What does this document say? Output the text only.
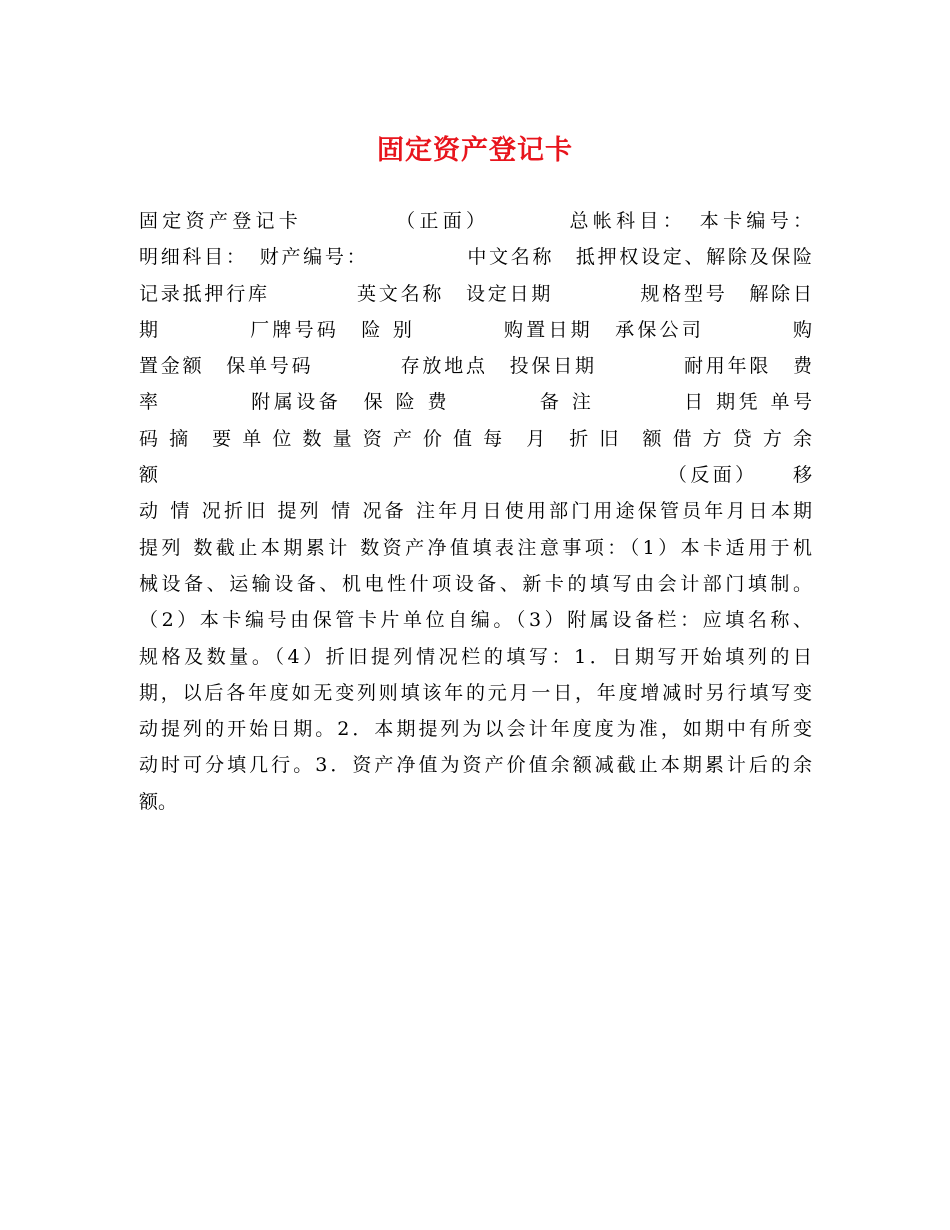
固定资产登记卡
固定资产登记卡 　　　　（正面） 　　　总帐科目：　本卡编号：
明细科目：　财产编号：　　　　　中文名称　抵押权设定、解除及保险
记录抵押行库　　　　英文名称　设定日期　　　　规格型号　解除日
期　　　　厂牌号码　险 别　　　　购置日期　承保公司　　　　购
置金额　保单号码　　　　存放地点　投保日期　　　　耐用年限　费
率　　　　附属设备　保 险 费　　　　备 注　　　　日 期凭 单号
码 摘　要 单 位 数 量 资 产 价 值 每　月　折 旧　额 借 方 贷 方 余
额　　　　　　　　　　　　　　　　　　　　　　　（反面）　　移
动 情 况折旧 提列 情 况备 注年月日使用部门用途保管员年月日本期
提列 数截止本期累计 数资产净值填表注意事项：（1）本卡适用于机
械设备、运输设备、机电性什项设备、新卡的填写由会计部门填制。
（2）本卡编号由保管卡片单位自编。（3）附属设备栏：应填名称、
规格及数量。（4）折旧提列情况栏的填写：1．日期写开始填列的日
期，以后各年度如无变列则填该年的元月一日，年度增减时另行填写变
动提列的开始日期。2．本期提列为以会计年度度为准，如期中有所变
动时可分填几行。3．资产净值为资产价值余额减截止本期累计后的余
额。
